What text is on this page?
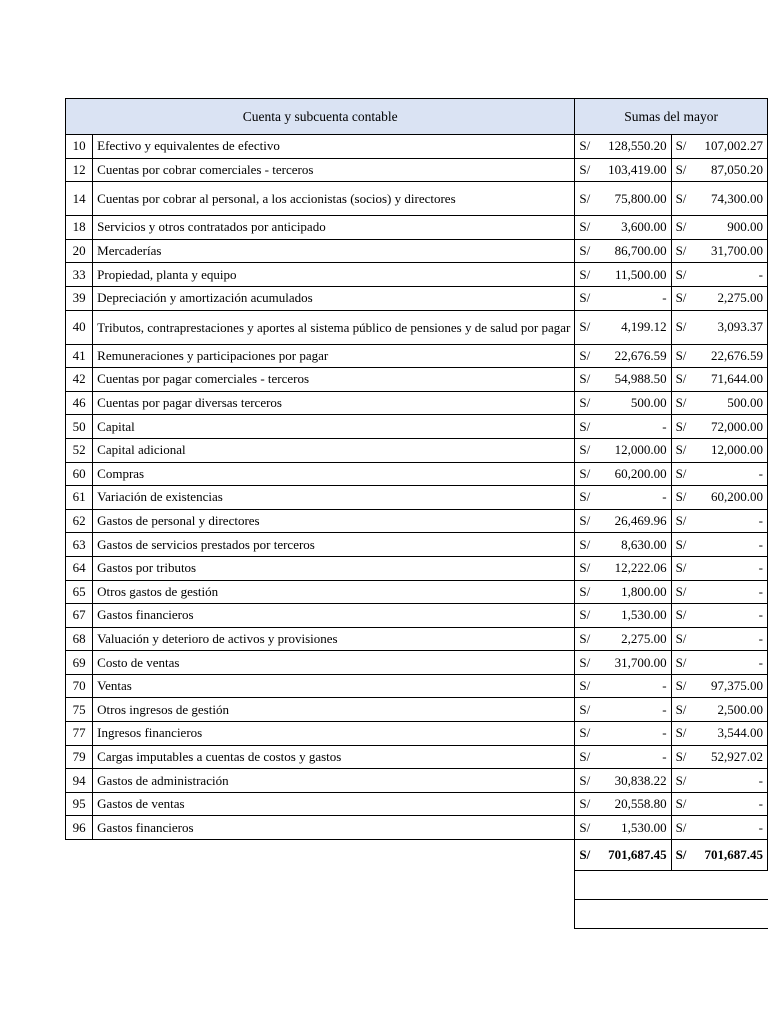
Cuenta y subcuenta contable		Sumas del mayor			
10	Efectivo y equivalentes de efectivo	S/	128,550.20	S/	107,002.27
12	Cuentas por cobrar comerciales - terceros	S/	103,419.00	S/	87,050.20
14	Cuentas por cobrar al personal, a los accionistas (socios) y directores	S/	75,800.00	S/	74,300.00
18	Servicios y otros contratados por anticipado	S/	3,600.00	S/	900.00
20	Mercaderías	S/	86,700.00	S/	31,700.00
33	Propiedad, planta y equipo	S/	11,500.00	S/	-
39	Depreciación y amortización acumulados	S/	-	S/	2,275.00
40	Tributos, contraprestaciones y aportes al sistema público de pensiones y de salud por pagar	S/	4,199.12	S/	3,093.37
41	Remuneraciones y participaciones por pagar	S/	22,676.59	S/	22,676.59
42	Cuentas por pagar comerciales - terceros	S/	54,988.50	S/	71,644.00
46	Cuentas por pagar diversas terceros	S/	500.00	S/	500.00
50	Capital	S/	-	S/	72,000.00
52	Capital adicional	S/	12,000.00	S/	12,000.00
60	Compras	S/	60,200.00	S/	-
61	Variación de existencias	S/	-	S/	60,200.00
62	Gastos de personal y directores	S/	26,469.96	S/	-
63	Gastos de servicios prestados por terceros	S/	8,630.00	S/	-
64	Gastos por tributos	S/	12,222.06	S/	-
65	Otros gastos de gestión	S/	1,800.00	S/	-
67	Gastos financieros	S/	1,530.00	S/	-
68	Valuación y deterioro de activos y provisiones	S/	2,275.00	S/	-
69	Costo de ventas	S/	31,700.00	S/	-
70	Ventas	S/	-	S/	97,375.00
75	Otros ingresos de gestión	S/	-	S/	2,500.00
77	Ingresos financieros	S/	-	S/	3,544.00
79	Cargas imputables a cuentas de costos y gastos	S/	-	S/	52,927.02
94	Gastos de administración	S/	30,838.22	S/	-
95	Gastos de ventas	S/	20,558.80	S/	-
96	Gastos financieros	S/	1,530.00	S/	-
		S/	701,687.45	S/	701,687.45
